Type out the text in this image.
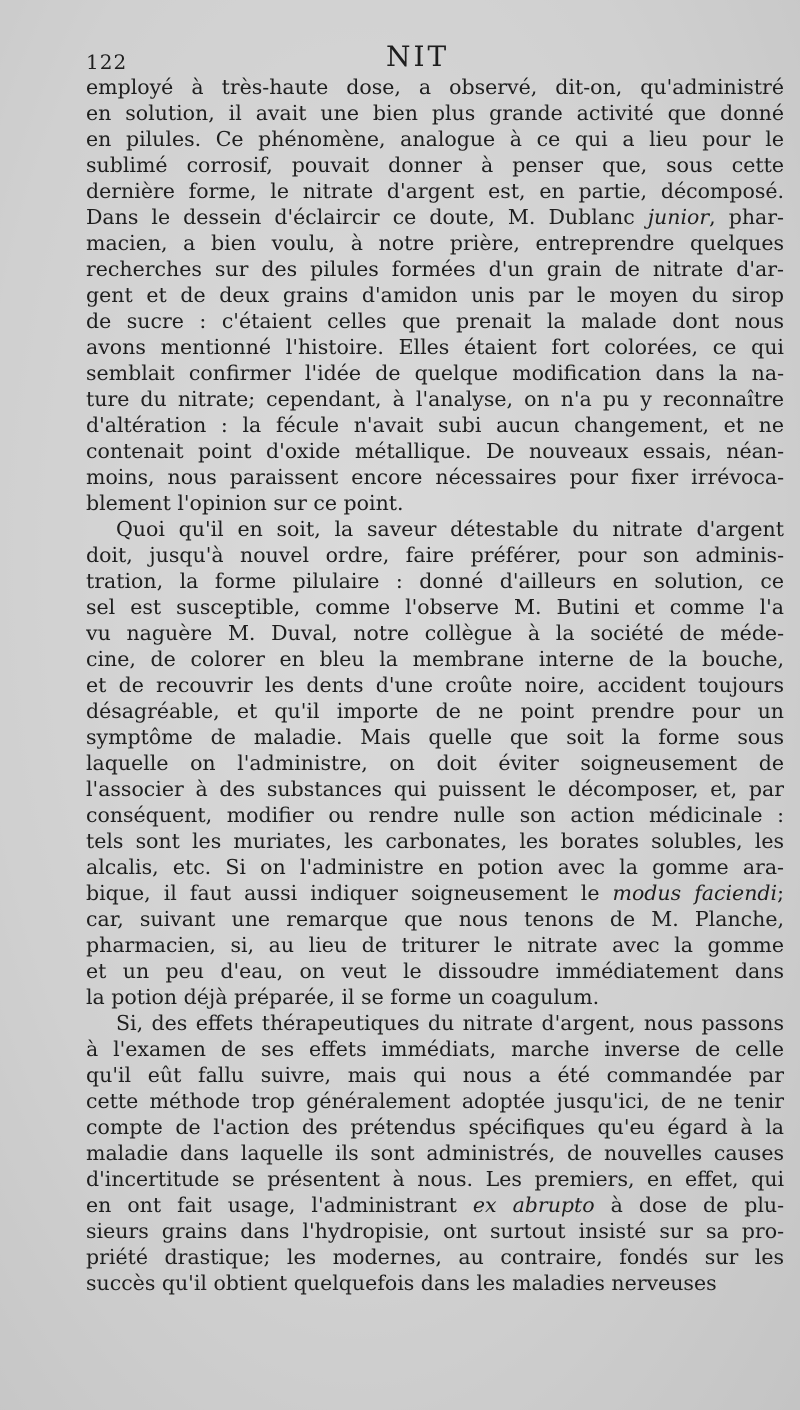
122	NIT
employé à très-haute dose, a observé, dit-on, qu'administré
en solution, il avait une bien plus grande activité que donné
en pilules. Ce phénomène, analogue à ce qui a lieu pour le
sublimé corrosif, pouvait donner à penser que, sous cette
dernière forme, le nitrate d'argent est, en partie, décomposé.
Dans le dessein d'éclaircir ce doute, M. Dublanc junior, phar-
macien, a bien voulu, à notre prière, entreprendre quelques
recherches sur des pilules formées d'un grain de nitrate d'ar-
gent et de deux grains d'amidon unis par le moyen du sirop
de sucre : c'étaient celles que prenait la malade dont nous
avons mentionné l'histoire. Elles étaient fort colorées, ce qui
semblait confirmer l'idée de quelque modification dans la na-
ture du nitrate; cependant, à l'analyse, on n'a pu y reconnaître
d'altération : la fécule n'avait subi aucun changement, et ne
contenait point d'oxide métallique. De nouveaux essais, néan-
moins, nous paraissent encore nécessaires pour fixer irrévoca-
blement l'opinion sur ce point.
Quoi qu'il en soit, la saveur détestable du nitrate d'argent
doit, jusqu'à nouvel ordre, faire préférer, pour son adminis-
tration, la forme pilulaire : donné d'ailleurs en solution, ce
sel est susceptible, comme l'observe M. Butini et comme l'a
vu naguère M. Duval, notre collègue à la société de méde-
cine, de colorer en bleu la membrane interne de la bouche,
et de recouvrir les dents d'une croûte noire, accident toujours
désagréable, et qu'il importe de ne point prendre pour un
symptôme de maladie. Mais quelle que soit la forme sous
laquelle on l'administre, on doit éviter soigneusement de
l'associer à des substances qui puissent le décomposer, et, par
conséquent, modifier ou rendre nulle son action médicinale :
tels sont les muriates, les carbonates, les borates solubles, les
alcalis, etc. Si on l'administre en potion avec la gomme ara-
bique, il faut aussi indiquer soigneusement le modus faciendi;
car, suivant une remarque que nous tenons de M. Planche,
pharmacien, si, au lieu de triturer le nitrate avec la gomme
et un peu d'eau, on veut le dissoudre immédiatement dans
la potion déjà préparée, il se forme un coagulum.
Si, des effets thérapeutiques du nitrate d'argent, nous passons
à l'examen de ses effets immédiats, marche inverse de celle
qu'il eût fallu suivre, mais qui nous a été commandée par
cette méthode trop généralement adoptée jusqu'ici, de ne tenir
compte de l'action des prétendus spécifiques qu'eu égard à la
maladie dans laquelle ils sont administrés, de nouvelles causes
d'incertitude se présentent à nous. Les premiers, en effet, qui
en ont fait usage, l'administrant ex abrupto à dose de plu-
sieurs grains dans l'hydropisie, ont surtout insisté sur sa pro-
priété drastique; les modernes, au contraire, fondés sur les
succès qu'il obtient quelquefois dans les maladies nerveuses
